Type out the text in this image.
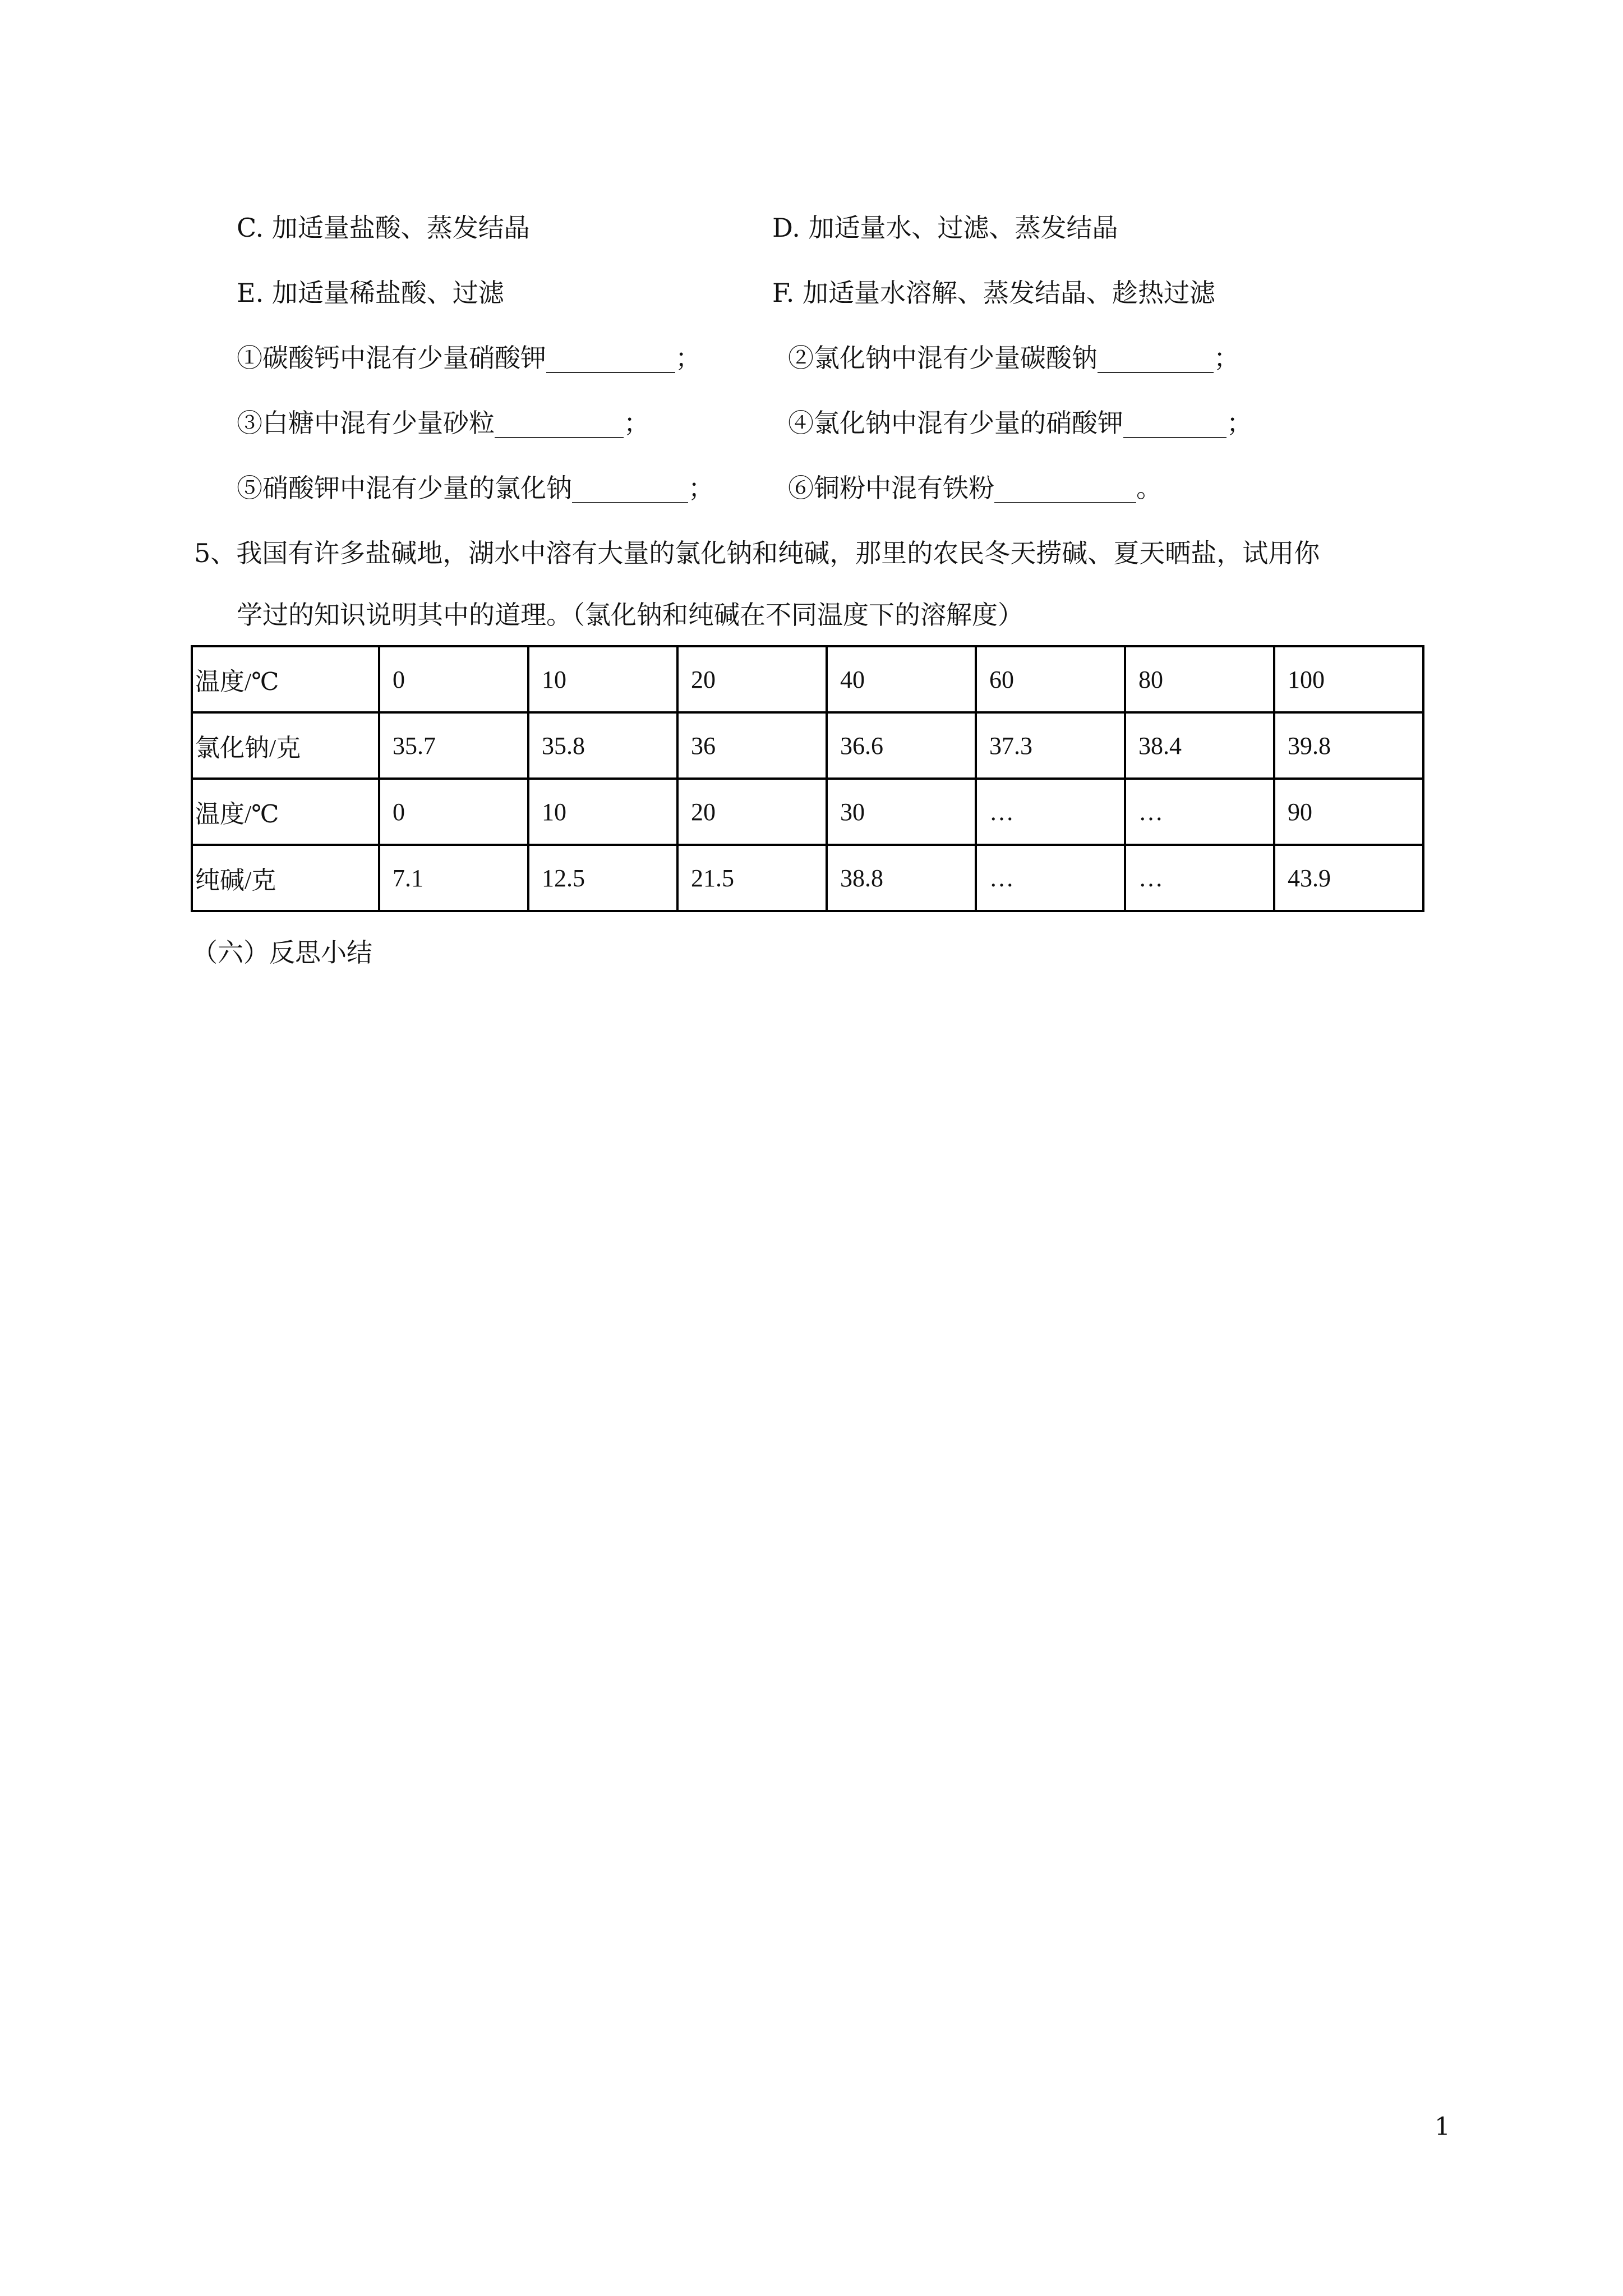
C. 加适量盐酸、蒸发结晶	D. 加适量水、过滤、蒸发结晶
E. 加适量稀盐酸、过滤	F. 加适量水溶解、蒸发结晶、趁热过滤
①碳酸钙中混有少量硝酸钾__________；	②氯化钠中混有少量碳酸钠_________；
③白糖中混有少量砂粒__________；	④氯化钠中混有少量的硝酸钾________；
⑤硝酸钾中混有少量的氯化钠_________；	⑥铜粉中混有铁粉___________。
5、我国有许多盐碱地，湖水中溶有大量的氯化钠和纯碱，那里的农民冬天捞碱、夏天晒盐，试用你
学过的知识说明其中的道理。（氯化钠和纯碱在不同温度下的溶解度）
温度/℃	0	10	20	40	60	80	100
氯化钠/克	35.7	35.8	36	36.6	37.3	38.4	39.8
温度/℃	0	10	20	30	…	…	90
纯碱/克	7.1	12.5	21.5	38.8	…	…	43.9
（六）反思小结
1
